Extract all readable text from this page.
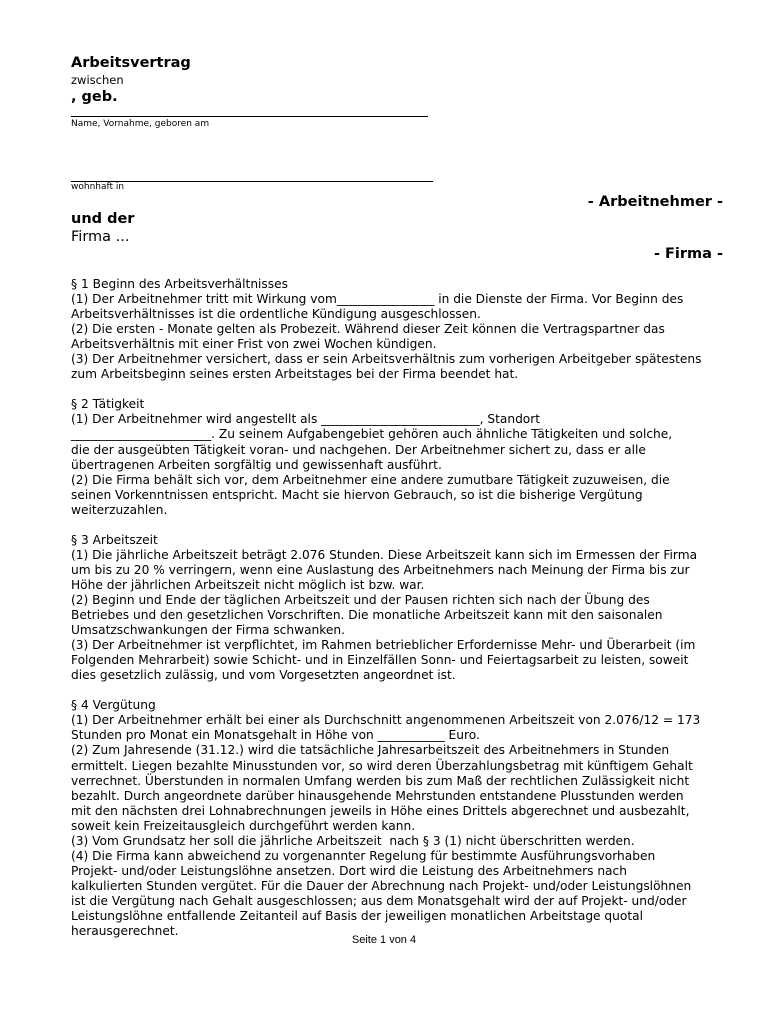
Arbeitsvertrag
zwischen
, geb.
Name, Vornahme, geboren am
wohnhaft in
- Arbeitnehmer -
und der
Firma ...
- Firma -
§ 1 Beginn des Arbeitsverhältnisses
(1) Der Arbeitnehmer tritt mit Wirkung vom________________ in die Dienste der Firma. Vor Beginn des
Arbeitsverhältnisses ist die ordentliche Kündigung ausgeschlossen.
(2) Die ersten - Monate gelten als Probezeit. Während dieser Zeit können die Vertragspartner das
Arbeitsverhältnis mit einer Frist von zwei Wochen kündigen.
(3) Der Arbeitnehmer versichert, dass er sein Arbeitsverhältnis zum vorherigen Arbeitgeber spätestens
zum Arbeitsbeginn seines ersten Arbeitstages bei der Firma beendet hat.
§ 2 Tätigkeit
(1) Der Arbeitnehmer wird angestellt als __________________________, Standort
_______________________. Zu seinem Aufgabengebiet gehören auch ähnliche Tätigkeiten und solche,
die der ausgeübten Tätigkeit voran- und nachgehen. Der Arbeitnehmer sichert zu, dass er alle
übertragenen Arbeiten sorgfältig und gewissenhaft ausführt.
(2) Die Firma behält sich vor, dem Arbeitnehmer eine andere zumutbare Tätigkeit zuzuweisen, die
seinen Vorkenntnissen entspricht. Macht sie hiervon Gebrauch, so ist die bisherige Vergütung
weiterzuzahlen.
§ 3 Arbeitszeit
(1) Die jährliche Arbeitszeit beträgt 2.076 Stunden. Diese Arbeitszeit kann sich im Ermessen der Firma
um bis zu 20 % verringern, wenn eine Auslastung des Arbeitnehmers nach Meinung der Firma bis zur
Höhe der jährlichen Arbeitszeit nicht möglich ist bzw. war.
(2) Beginn und Ende der täglichen Arbeitszeit und der Pausen richten sich nach der Übung des
Betriebes und den gesetzlichen Vorschriften. Die monatliche Arbeitszeit kann mit den saisonalen
Umsatzschwankungen der Firma schwanken.
(3) Der Arbeitnehmer ist verpflichtet, im Rahmen betrieblicher Erfordernisse Mehr- und Überarbeit (im
Folgenden Mehrarbeit) sowie Schicht- und in Einzelfällen Sonn- und Feiertagsarbeit zu leisten, soweit
dies gesetzlich zulässig, und vom Vorgesetzten angeordnet ist.
§ 4 Vergütung
(1) Der Arbeitnehmer erhält bei einer als Durchschnitt angenommenen Arbeitszeit von 2.076/12 = 173
Stunden pro Monat ein Monatsgehalt in Höhe von ___________ Euro.
(2) Zum Jahresende (31.12.) wird die tatsächliche Jahresarbeitszeit des Arbeitnehmers in Stunden
ermittelt. Liegen bezahlte Minusstunden vor, so wird deren Überzahlungsbetrag mit künftigem Gehalt
verrechnet. Überstunden in normalen Umfang werden bis zum Maß der rechtlichen Zulässigkeit nicht
bezahlt. Durch angeordnete darüber hinausgehende Mehrstunden entstandene Plusstunden werden
mit den nächsten drei Lohnabrechnungen jeweils in Höhe eines Drittels abgerechnet und ausbezahlt,
soweit kein Freizeitausgleich durchgeführt werden kann.
(3) Vom Grundsatz her soll die jährliche Arbeitszeit  nach § 3 (1) nicht überschritten werden.
(4) Die Firma kann abweichend zu vorgenannter Regelung für bestimmte Ausführungsvorhaben
Projekt- und/oder Leistungslöhne ansetzen. Dort wird die Leistung des Arbeitnehmers nach
kalkulierten Stunden vergütet. Für die Dauer der Abrechnung nach Projekt- und/oder Leistungslöhnen
ist die Vergütung nach Gehalt ausgeschlossen; aus dem Monatsgehalt wird der auf Projekt- und/oder
Leistungslöhne entfallende Zeitanteil auf Basis der jeweiligen monatlichen Arbeitstage quotal
herausgerechnet.
Seite 1 von 4
